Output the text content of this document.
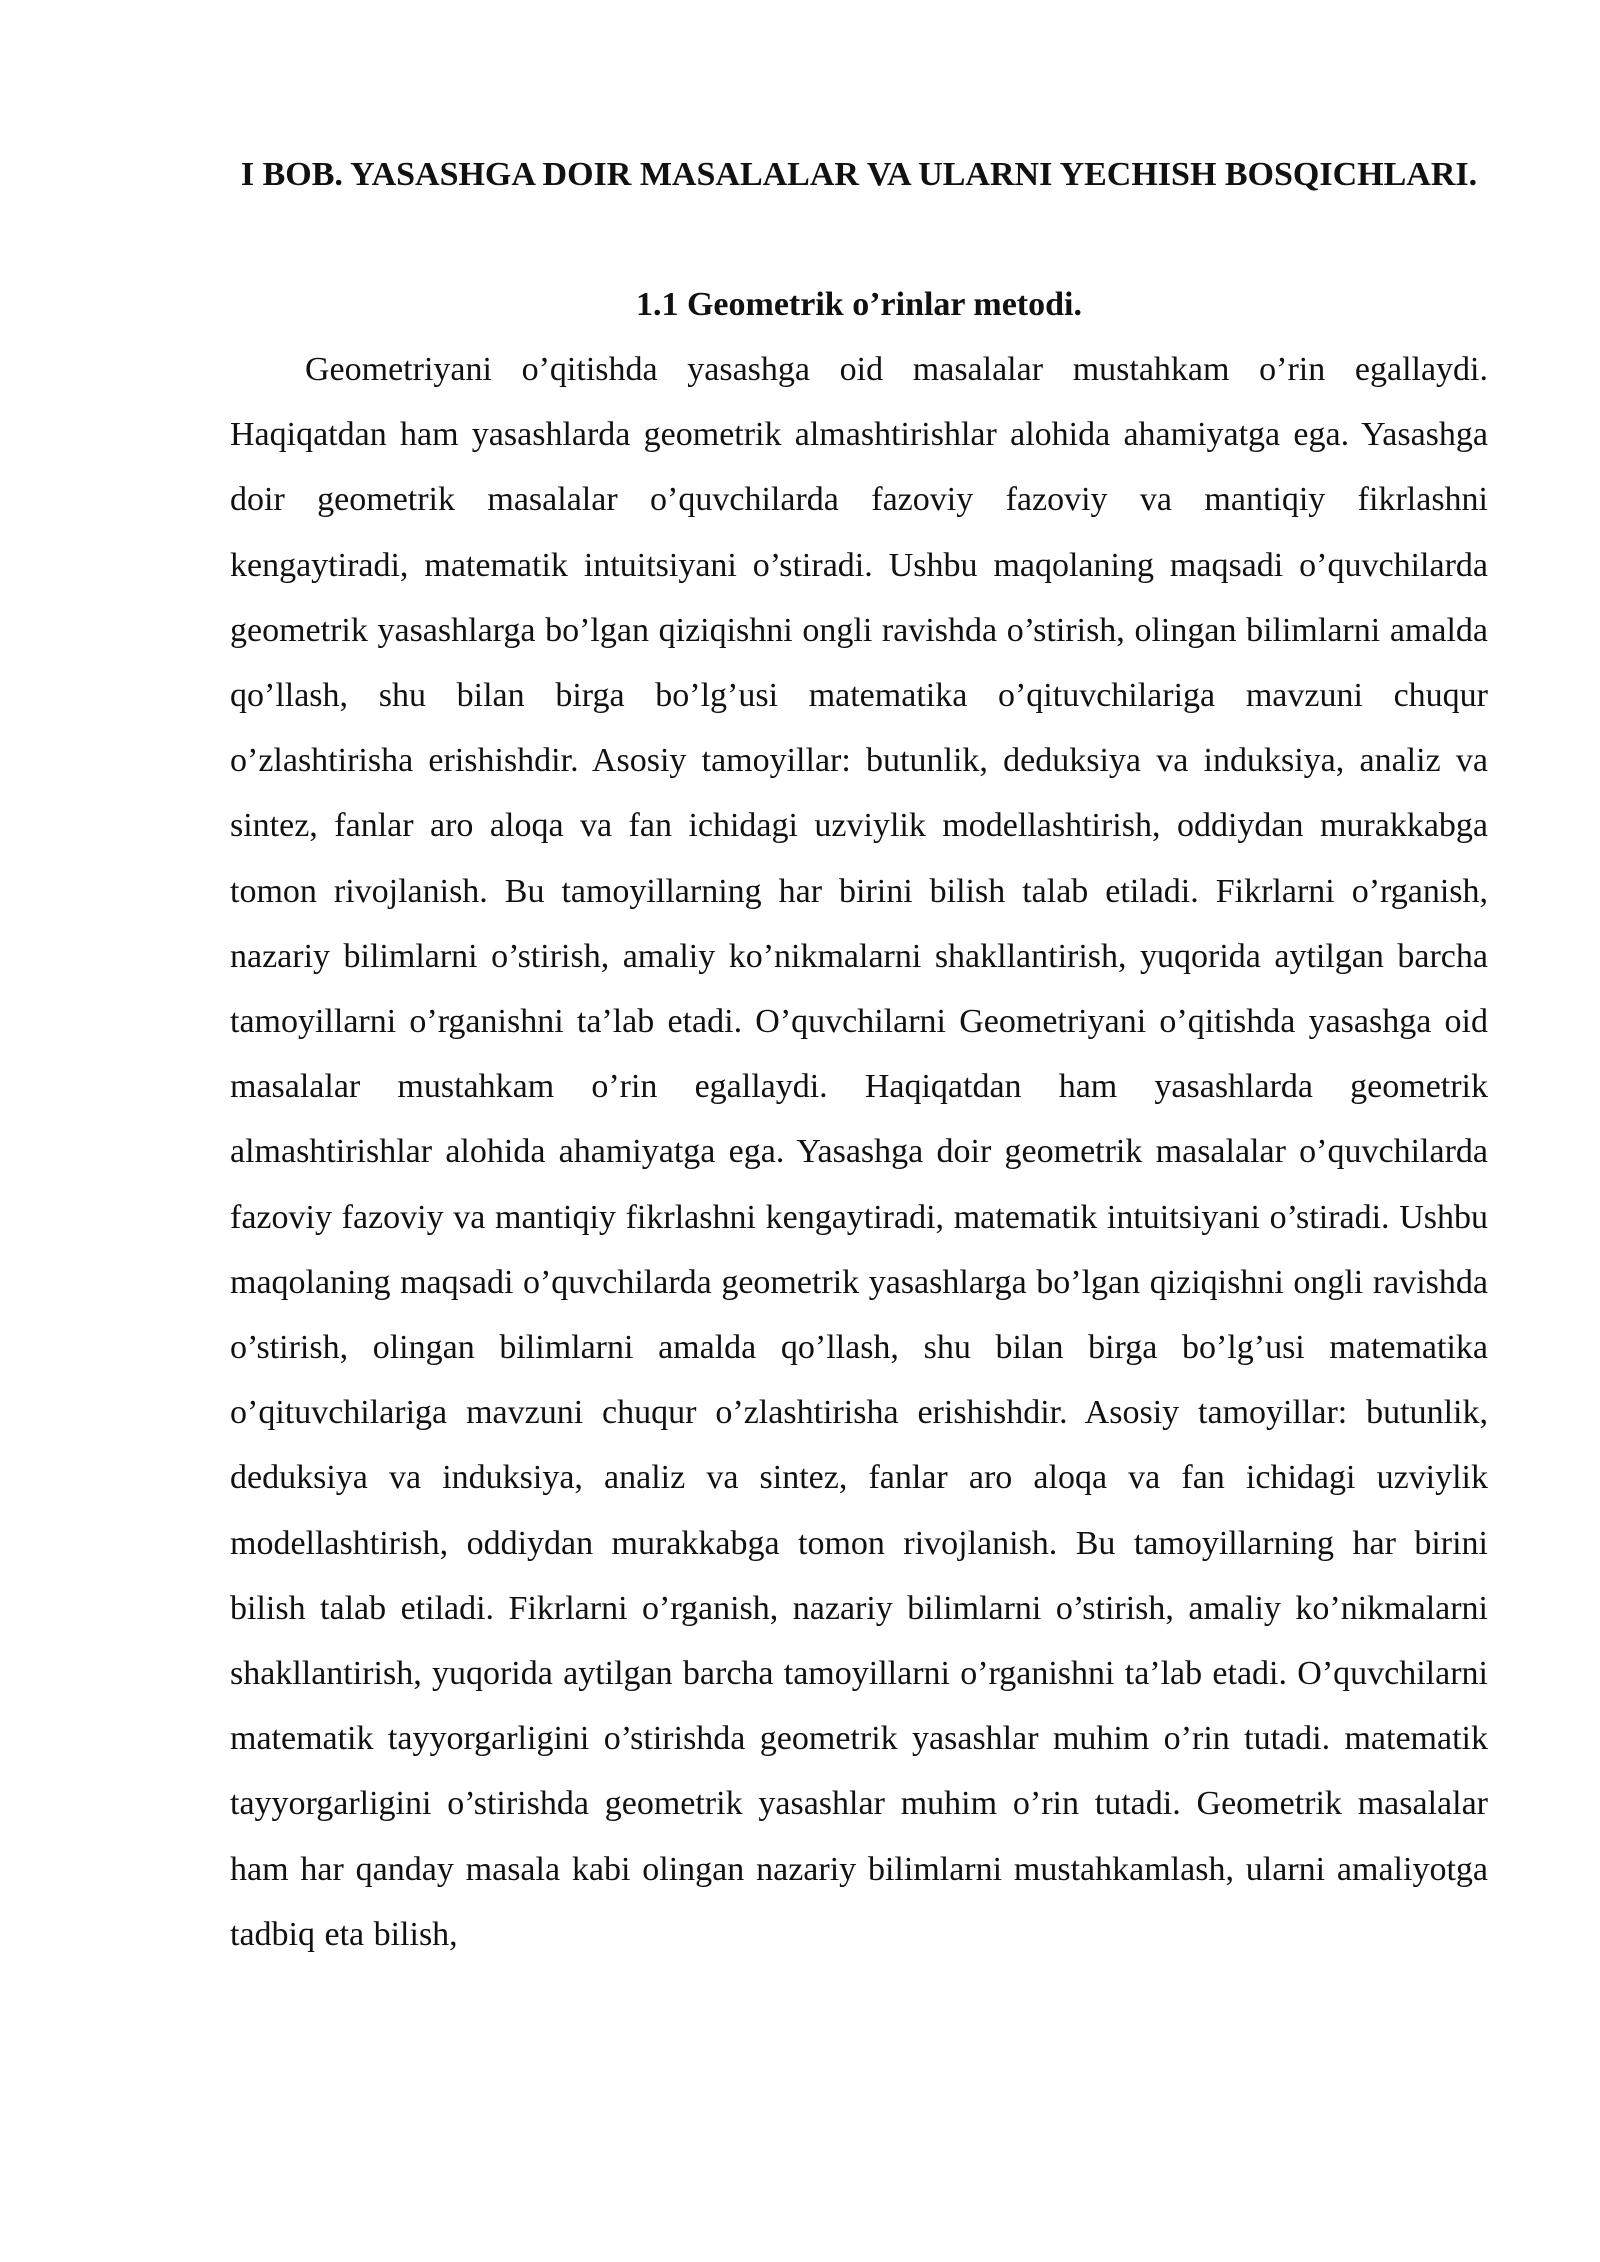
I BOB. YASASHGA DOIR MASALALAR VA ULARNI YECHISH BOSQICHLARI.
1.1 Geometrik o’rinlar metodi.

Geometriyani o’qitishda yasashga oid masalalar mustahkam o’rin egallaydi. Haqiqatdan ham yasashlarda geometrik almashtirishlar alohida ahamiyatga ega. Yasashga doir geometrik masalalar o’quvchilarda fazoviy fazoviy va mantiqiy fikrlashni kengaytiradi, matematik intuitsiyani o’stiradi. Ushbu maqolaning maqsadi o’quvchilarda geometrik yasashlarga bo’lgan qiziqishni ongli ravishda o’stirish, olingan bilimlarni amalda qo’llash, shu bilan birga bo’lg’usi matematika o’qituvchilariga mavzuni chuqur o’zlashtirisha erishishdir. Asosiy tamoyillar: butunlik, deduksiya va induksiya, analiz va sintez, fanlar aro aloqa va fan ichidagi uzviylik modellashtirish, oddiydan murakkabga tomon rivojlanish. Bu tamoyillarning har birini bilish talab etiladi. Fikrlarni o’rganish, nazariy bilimlarni o’stirish, amaliy ko’nikmalarni shakllantirish, yuqorida aytilgan barcha tamoyillarni o’rganishni ta’lab etadi. O’quvchilarni Geometriyani o’qitishda yasashga oid masalalar mustahkam o’rin egallaydi. Haqiqatdan ham yasashlarda geometrik almashtirishlar alohida ahamiyatga ega. Yasashga doir geometrik masalalar o’quvchilarda fazoviy fazoviy va mantiqiy fikrlashni kengaytiradi, matematik intuitsiyani o’stiradi. Ushbu maqolaning maqsadi o’quvchilarda geometrik yasashlarga bo’lgan qiziqishni ongli ravishda o’stirish, olingan bilimlarni amalda qo’llash, shu bilan birga bo’lg’usi matematika o’qituvchilariga mavzuni chuqur o’zlashtirisha erishishdir. Asosiy tamoyillar: butunlik, deduksiya va induksiya, analiz va sintez, fanlar aro aloqa va fan ichidagi uzviylik modellashtirish, oddiydan murakkabga tomon rivojlanish. Bu tamoyillarning har birini bilish talab etiladi. Fikrlarni o’rganish, nazariy bilimlarni o’stirish, amaliy ko’nikmalarni shakllantirish, yuqorida aytilgan barcha tamoyillarni o’rganishni ta’lab etadi. O’quvchilarni matematik tayyorgarligini o’stirishda geometrik yasashlar muhim o’rin tutadi. matematik tayyorgarligini o’stirishda geometrik yasashlar muhim o’rin tutadi. Geometrik masalalar ham har qanday masala kabi olingan nazariy bilimlarni mustahkamlash, ularni amaliyotga tadbiq eta bilish,
